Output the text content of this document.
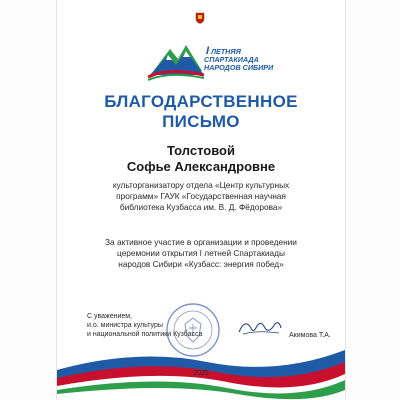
IЛЕТНЯЯ
СПАРТАКИАДА
НАРОДОВ СИБИРИ
БЛАГОДАРСТВЕННОЕ
ПИСЬМО
Толстовой
Софье Александровне
культорганизатору отдела «Центр культурных
программ» ГАУК «Государственная научная
библиотека Кузбасса им. В. Д. Фёдорова»
За активное участие в организации и проведении
церемонии открытия I летней Спартакиады
народов Сибири «Кузбасс: энергия побед»
С уважением,
и.о. министра культуры
и национальной политики Кузбасса	Акимова Т.А.
2025
